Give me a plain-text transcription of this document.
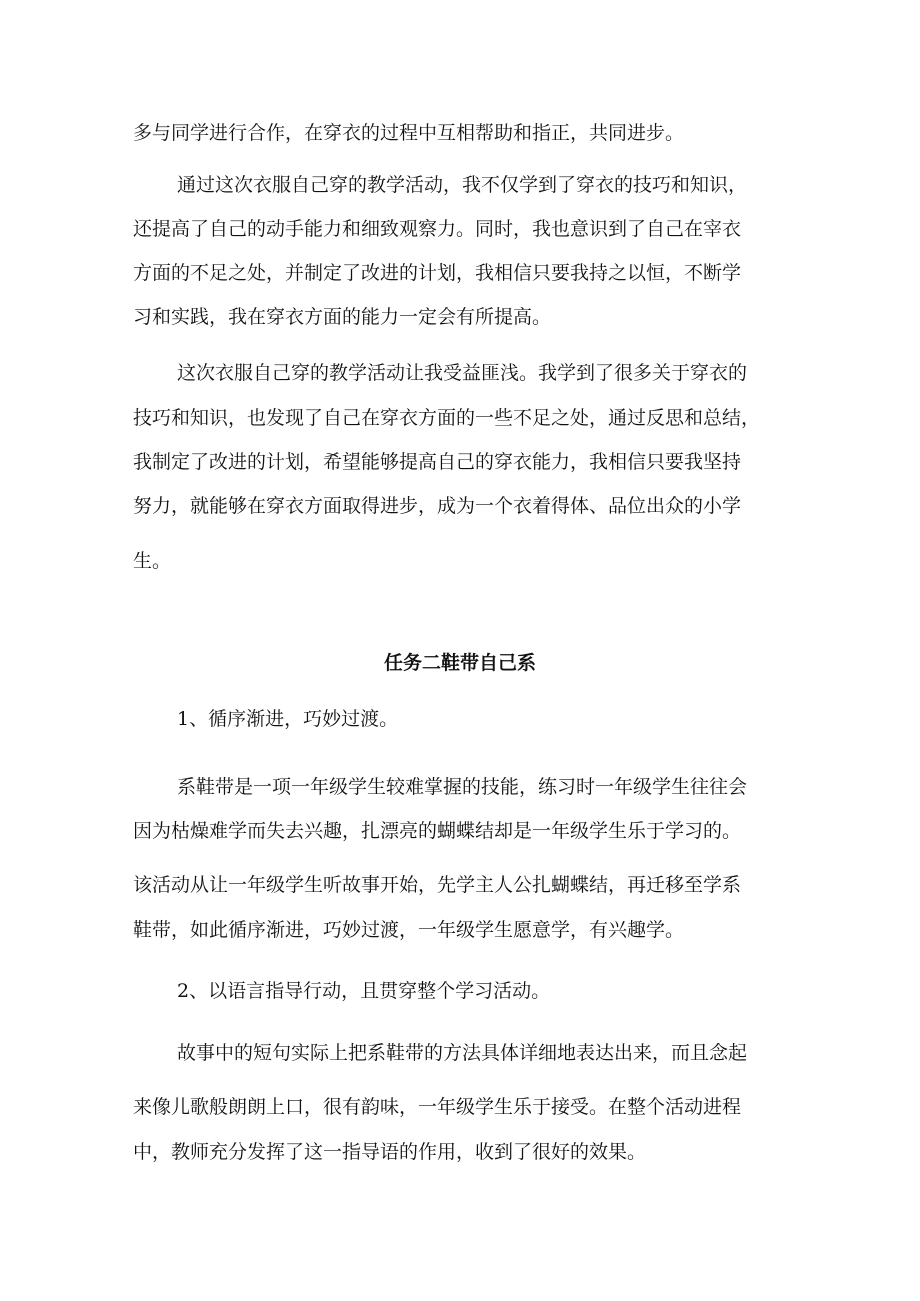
多与同学进行合作，在穿衣的过程中互相帮助和指正，共同进步。
通过这次衣服自己穿的教学活动，我不仅学到了穿衣的技巧和知识，
还提高了自己的动手能力和细致观察力。同时，我也意识到了自己在宰衣
方面的不足之处，并制定了改进的计划，我相信只要我持之以恒，不断学
习和实践，我在穿衣方面的能力一定会有所提高。
这次衣服自己穿的教学活动让我受益匪浅。我学到了很多关于穿衣的
技巧和知识，也发现了自己在穿衣方面的一些不足之处，通过反思和总结，
我制定了改进的计划，希望能够提高自己的穿衣能力，我相信只要我坚持
努力，就能够在穿衣方面取得进步，成为一个衣着得体、品位出众的小学
生。
任务二鞋带自己系
1、循序渐进，巧妙过渡。
系鞋带是一项一年级学生较难掌握的技能，练习时一年级学生往往会
因为枯燥难学而失去兴趣，扎漂亮的蝴蝶结却是一年级学生乐于学习的。
该活动从让一年级学生听故事开始，先学主人公扎蝴蝶结，再迁移至学系
鞋带，如此循序渐进，巧妙过渡，一年级学生愿意学，有兴趣学。
2、以语言指导行动，且贯穿整个学习活动。
故事中的短句实际上把系鞋带的方法具体详细地表达出来，而且念起
来像儿歌般朗朗上口，很有韵味，一年级学生乐于接受。在整个活动进程
中，教师充分发挥了这一指导语的作用，收到了很好的效果。
